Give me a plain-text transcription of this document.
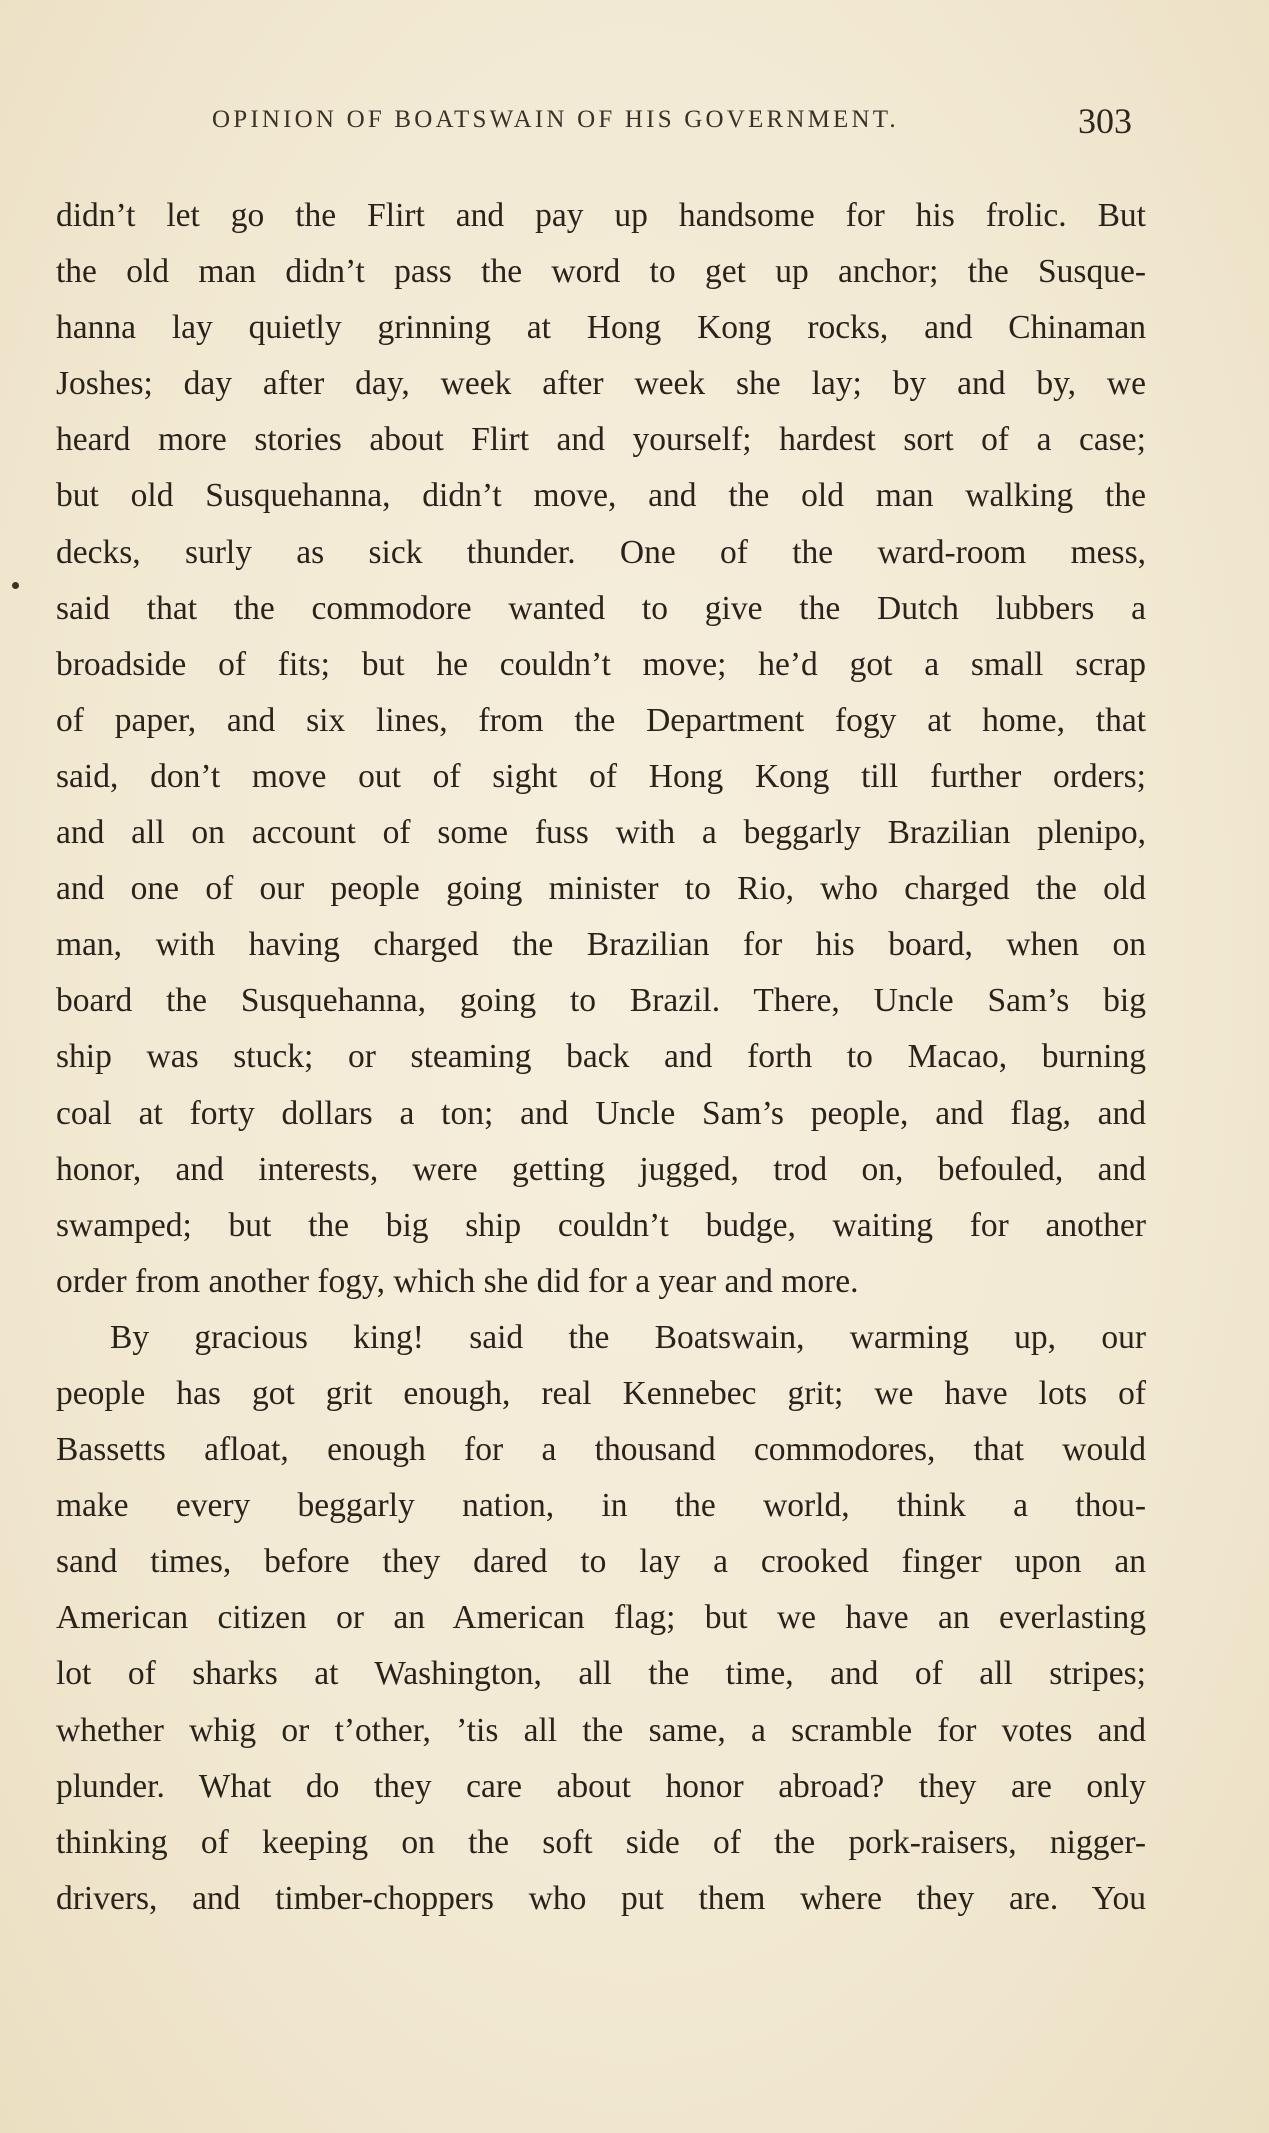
OPINION OF BOATSWAIN OF HIS GOVERNMENT.	303
didn’t let go the Flirt and pay up handsome for his frolic. But
the old man didn’t pass the word to get up anchor; the Susque-
hanna lay quietly grinning at Hong Kong rocks, and Chinaman
Joshes; day after day, week after week she lay; by and by, we
heard more stories about Flirt and yourself; hardest sort of a case;
but old Susquehanna, didn’t move, and the old man walking the
decks, surly as sick thunder. One of the ward-room mess,
said that the commodore wanted to give the Dutch lubbers a
broadside of fits; but he couldn’t move; he’d got a small scrap
of paper, and six lines, from the Department fogy at home, that
said, don’t move out of sight of Hong Kong till further orders;
and all on account of some fuss with a beggarly Brazilian plenipo,
and one of our people going minister to Rio, who charged the old
man, with having charged the Brazilian for his board, when on
board the Susquehanna, going to Brazil. There, Uncle Sam’s big
ship was stuck; or steaming back and forth to Macao, burning
coal at forty dollars a ton; and Uncle Sam’s people, and flag, and
honor, and interests, were getting jugged, trod on, befouled, and
swamped; but the big ship couldn’t budge, waiting for another
order from another fogy, which she did for a year and more.
By gracious king! said the Boatswain, warming up, our
people has got grit enough, real Kennebec grit; we have lots of
Bassetts afloat, enough for a thousand commodores, that would
make every beggarly nation, in the world, think a thou-
sand times, before they dared to lay a crooked finger upon an
American citizen or an American flag; but we have an everlasting
lot of sharks at Washington, all the time, and of all stripes;
whether whig or t’other, ’tis all the same, a scramble for votes and
plunder. What do they care about honor abroad? they are only
thinking of keeping on the soft side of the pork-raisers, nigger-
drivers, and timber-choppers who put them where they are. You
